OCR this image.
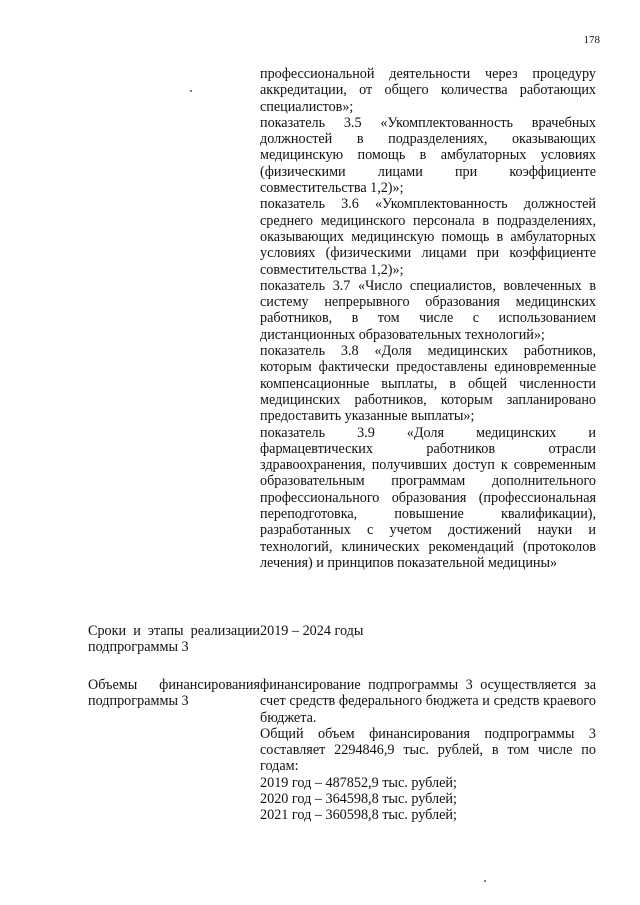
178

профессиональной деятельности через процедуру аккредитации, от общего количества работающих специалистов»;

показатель 3.5 «Укомплектованность врачебных должностей в подразделениях, оказывающих медицинскую помощь в амбулаторных условиях (физическими лицами при коэффициенте совместительства 1,2)»;

показатель 3.6 «Укомплектованность должностей среднего медицинского персонала в подразделениях, оказывающих медицинскую помощь в амбулаторных условиях (физическими лицами при коэффициенте совместительства 1,2)»;

показатель 3.7 «Число специалистов, вовлеченных в систему непрерывного образования медицинских работников, в том числе с использованием дистанционных образовательных технологий»;

показатель 3.8 «Доля медицинских работников, которым фактически предоставлены единовременные компенсационные выплаты, в общей численности медицинских работников, которым запланировано предоставить указанные выплаты»;

показатель 3.9 «Доля медицинских и фармацевтических работников отрасли здравоохранения, получивших доступ к современным образовательным программам дополнительного профессионального образования (профессиональная переподготовка, повышение квалификации), разработанных с учетом достижений науки и технологий, клинических рекомендаций (протоколов лечения) и принципов показательной медицины»

Сроки и этапы реализации подпрограммы 3

2019 – 2024 годы

Объемы финансирования подпрограммы 3

финансирование подпрограммы 3 осуществляется за счет средств федерального бюджета и средств краевого бюджета.

Общий объем финансирования подпрограммы 3 составляет 2294846,9 тыс. рублей, в том числе по годам:

2019 год – 487852,9 тыс. рублей;

2020 год – 364598,8 тыс. рублей;

2021 год – 360598,8 тыс. рублей;
